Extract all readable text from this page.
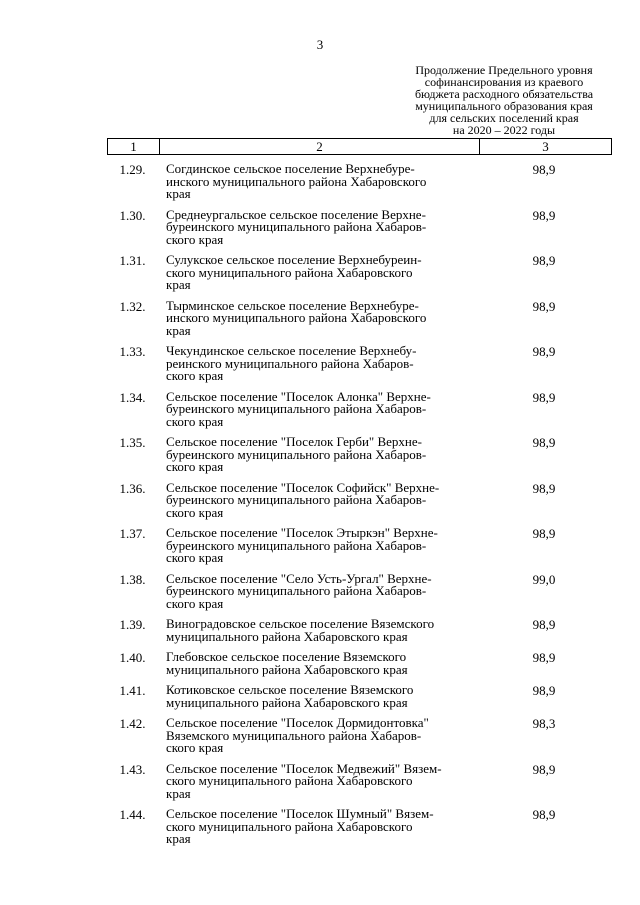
3
Продолжение Предельного уровня
софинансирования из краевого
бюджета расходного обязательства
муниципального образования края
для сельских поселений края
на 2020 – 2022 годы
1	2	3
1.29.	Согдинское сельское поселение Верхнебуре-
инского муниципального района Хабаровского
края
98,9
1.30.	Среднеургальское сельское поселение Верхне-
буреинского муниципального района Хабаров-
ского края
98,9
1.31.	Сулукское сельское поселение Верхнебуреин-
ского муниципального района Хабаровского
края
98,9
1.32.	Тырминское сельское поселение Верхнебуре-
инского муниципального района Хабаровского
края
98,9
1.33.	Чекундинское сельское поселение Верхнебу-
реинского муниципального района Хабаров-
ского края
98,9
1.34.	Сельское поселение "Поселок Алонка" Верхне-
буреинского муниципального района Хабаров-
ского края
98,9
1.35.	Сельское поселение "Поселок Герби" Верхне-
буреинского муниципального района Хабаров-
ского края
98,9
1.36.	Сельское поселение "Поселок Софийск" Верхне-
буреинского муниципального района Хабаров-
ского края
98,9
1.37.	Сельское поселение "Поселок Этыркэн" Верхне-
буреинского муниципального района Хабаров-
ского края
98,9
1.38.	Сельское поселение "Село Усть-Ургал" Верхне-
буреинского муниципального района Хабаров-
ского края
99,0
1.39.	Виноградовское сельское поселение Вяземского
муниципального района Хабаровского края
98,9
1.40.	Глебовское сельское поселение Вяземского
муниципального района Хабаровского края
98,9
1.41.	Котиковское сельское поселение Вяземского
муниципального района Хабаровского края
98,9
1.42.	Сельское поселение "Поселок Дормидонтовка"
Вяземского муниципального района Хабаров-
ского края
98,3
1.43.	Сельское поселение "Поселок Медвежий" Вязем-
ского муниципального района Хабаровского
края
98,9
1.44.	Сельское поселение "Поселок Шумный" Вязем-
ского муниципального района Хабаровского
края
98,9
